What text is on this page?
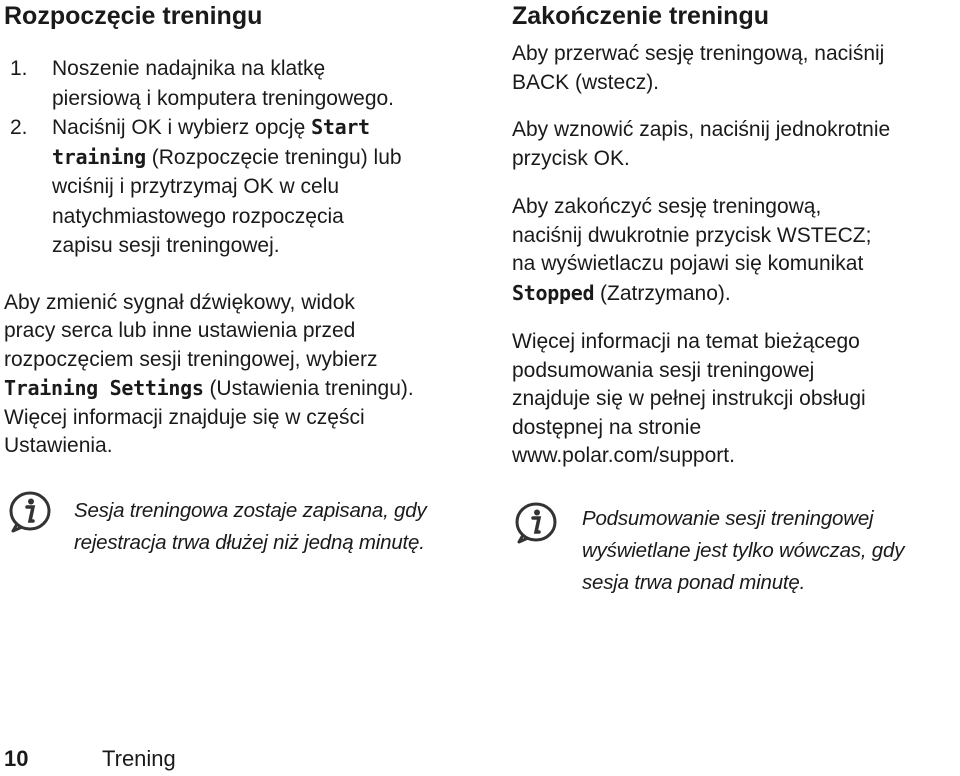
Rozpoczęcie treningu
1. Noszenie nadajnika na klatkę
piersiową i komputera treningowego.
2. Naciśnij OK i wybierz opcję Start
training (Rozpoczęcie treningu) lub
wciśnij i przytrzymaj OK w celu
natychmiastowego rozpoczęcia
zapisu sesji treningowej.
Aby zmienić sygnał dźwiękowy, widok
pracy serca lub inne ustawienia przed
rozpoczęciem sesji treningowej, wybierz
Training Settings (Ustawienia treningu).
Więcej informacji znajduje się w części
Ustawienia.
Sesja treningowa zostaje zapisana, gdy
rejestracja trwa dłużej niż jedną minutę.
Zakończenie treningu
Aby przerwać sesję treningową, naciśnij
BACK (wstecz).
Aby wznowić zapis, naciśnij jednokrotnie
przycisk OK.
Aby zakończyć sesję treningową,
naciśnij dwukrotnie przycisk WSTECZ;
na wyświetlaczu pojawi się komunikat
Stopped (Zatrzymano).
Więcej informacji na temat bieżącego
podsumowania sesji treningowej
znajduje się w pełnej instrukcji obsługi
dostępnej na stronie
www.polar.com/support.
Podsumowanie sesji treningowej
wyświetlane jest tylko wówczas, gdy
sesja trwa ponad minutę.
10	Trening
